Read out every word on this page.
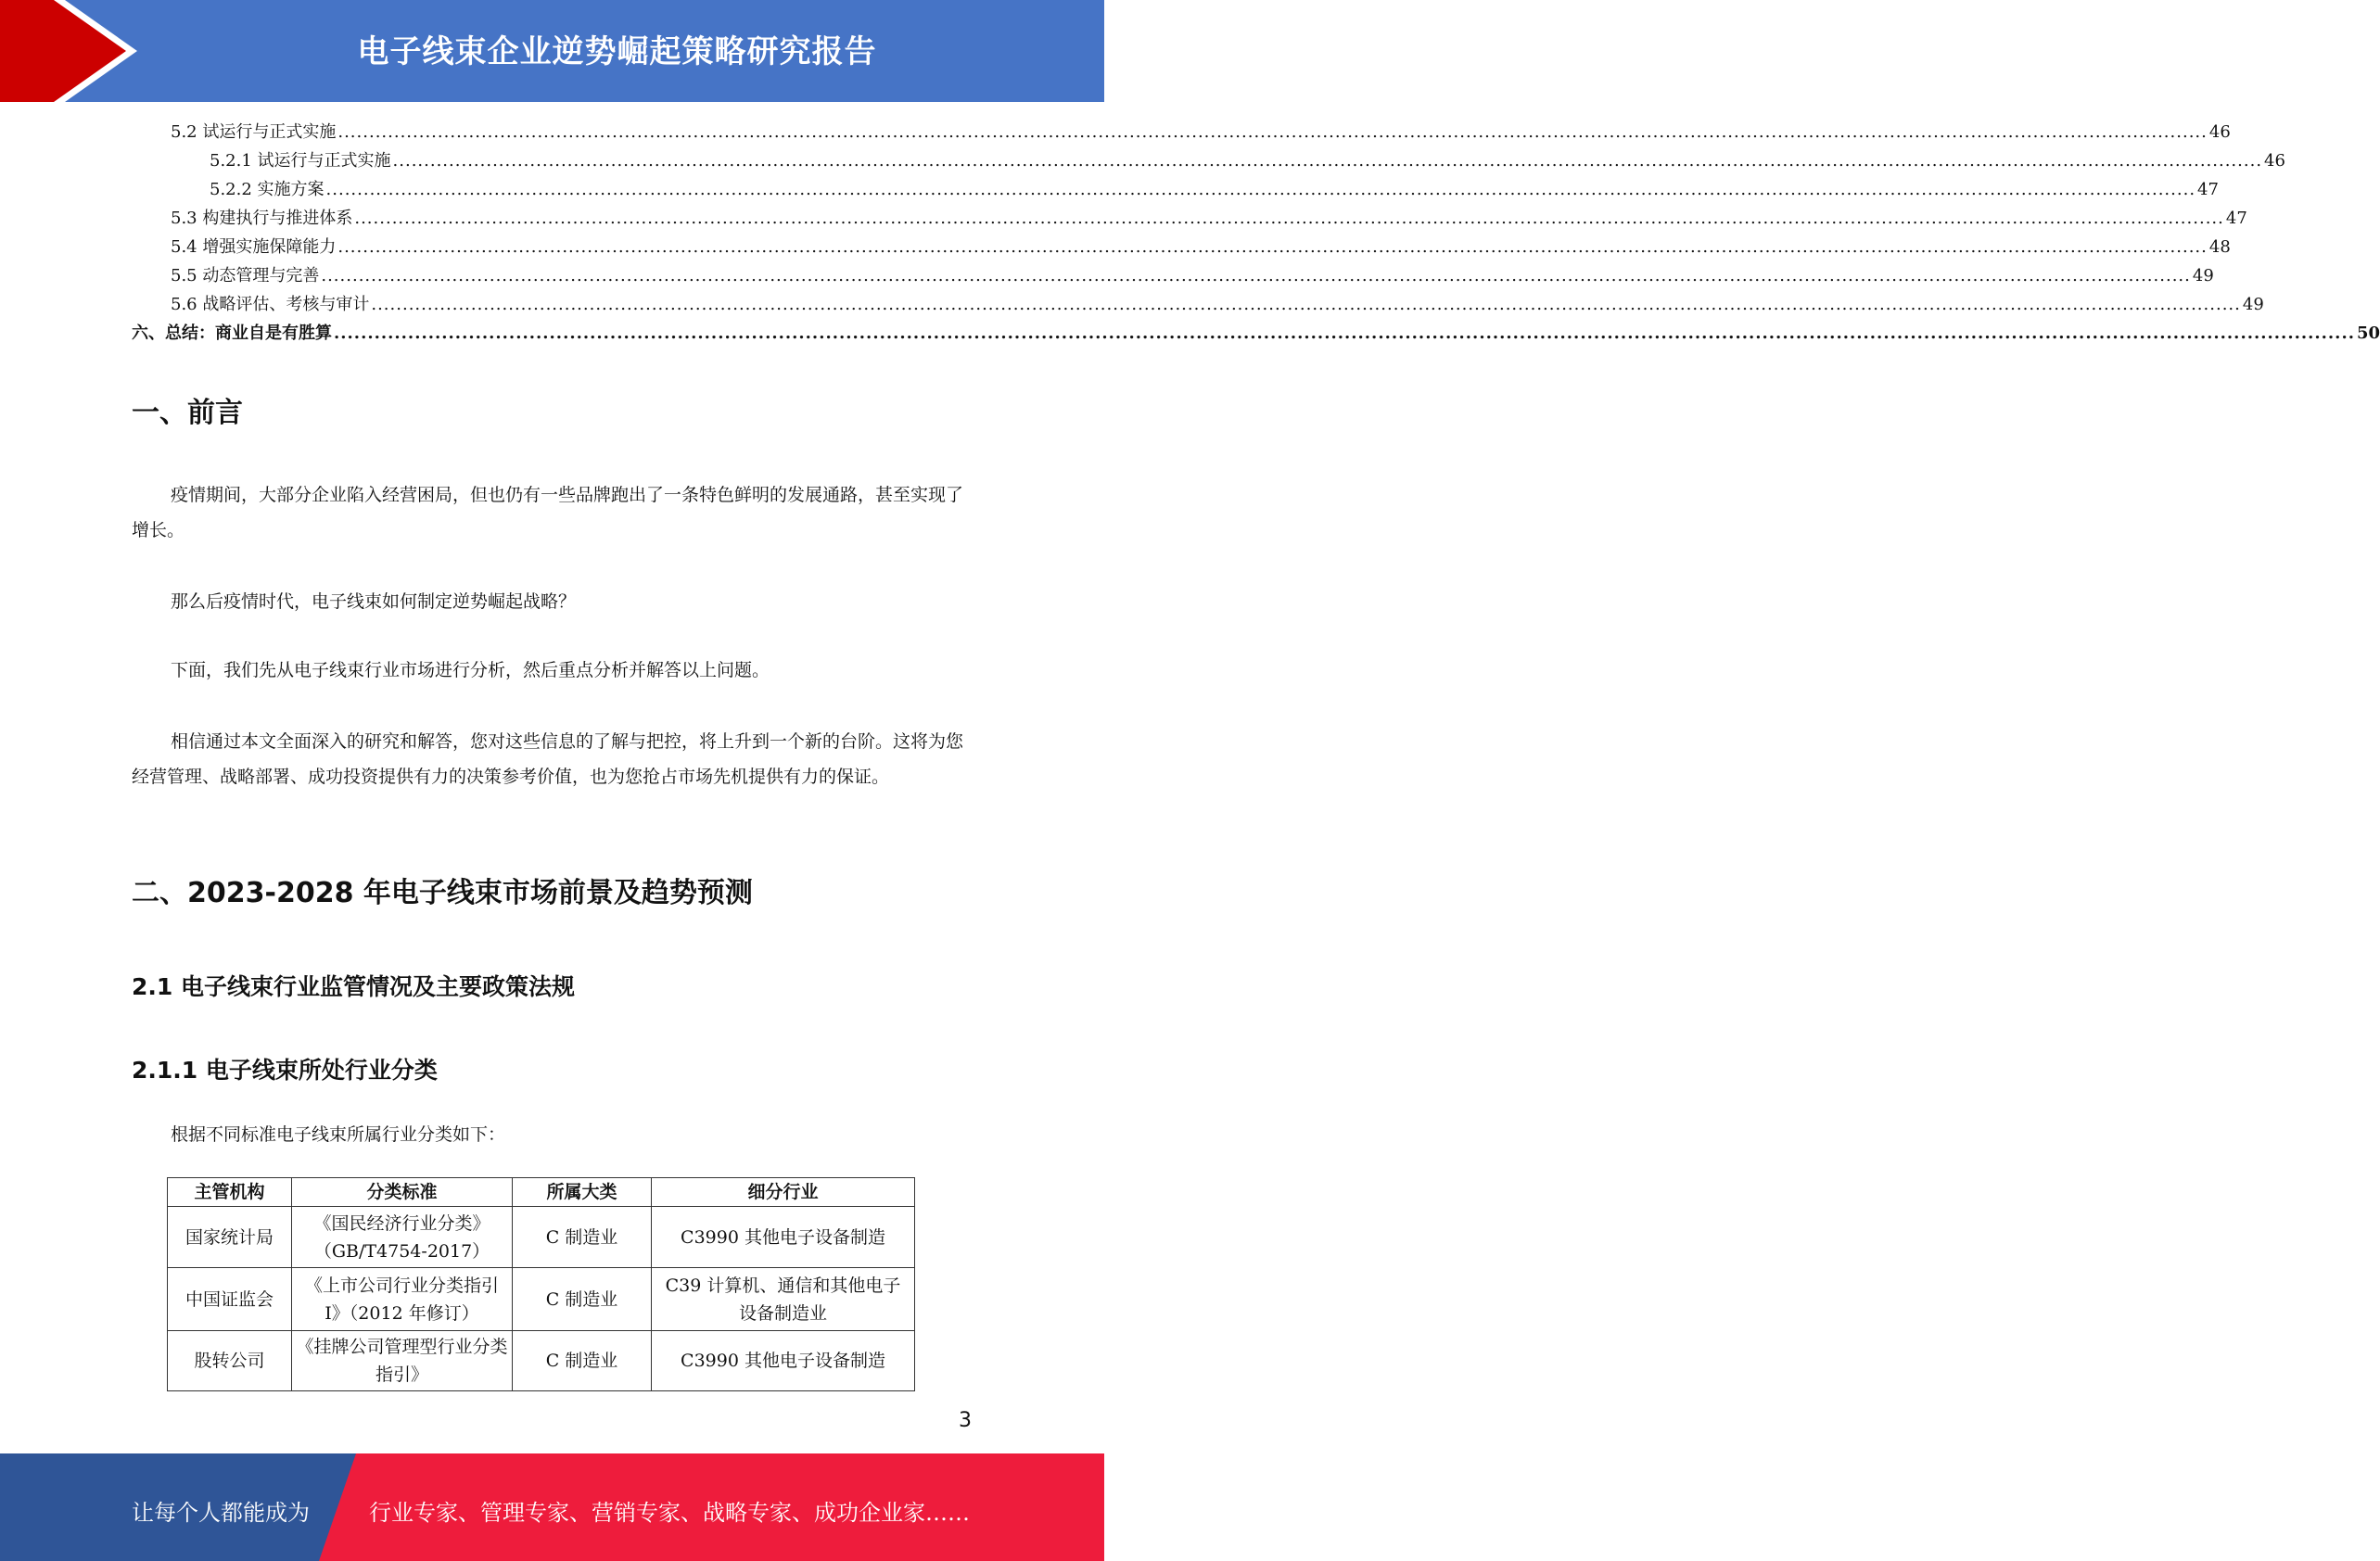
电子线束企业逆势崛起策略研究报告
5.2 试运行与正式实施 ............................................................................................................................................................................................................................................................................................................ 46
5.2.1 试运行与正式实施 ............................................................................................................................................................................................................................................................................................................ 46
5.2.2 实施方案 ............................................................................................................................................................................................................................................................................................................ 47
5.3 构建执行与推进体系 ............................................................................................................................................................................................................................................................................................................ 47
5.4 增强实施保障能力 ............................................................................................................................................................................................................................................................................................................ 48
5.5 动态管理与完善 ............................................................................................................................................................................................................................................................................................................ 49
5.6 战略评估、考核与审计 ............................................................................................................................................................................................................................................................................................................ 49
六、总结：商业自是有胜算 ............................................................................................................................................................................................................................................................................................................ 50
一、前言
疫情期间，大部分企业陷入经营困局，但也仍有一些品牌跑出了一条特色鲜明的发展通路，甚至实现了增长。
那么后疫情时代，电子线束如何制定逆势崛起战略？
下面，我们先从电子线束行业市场进行分析，然后重点分析并解答以上问题。
相信通过本文全面深入的研究和解答，您对这些信息的了解与把控，将上升到一个新的台阶。这将为您经营管理、战略部署、成功投资提供有力的决策参考价值，也为您抢占市场先机提供有力的保证。
二、2023-2028 年电子线束市场前景及趋势预测
2.1 电子线束行业监管情况及主要政策法规
2.1.1 电子线束所处行业分类
根据不同标准电子线束所属行业分类如下：
主管机构	分类标准	所属大类	细分行业
国家统计局	《国民经济行业分类》（GB/T4754-2017）	C 制造业	C3990 其他电子设备制造
中国证监会	《上市公司行业分类指引 I》（2012 年修订）	C 制造业	C39 计算机、通信和其他电子 设备制造业
股转公司	《挂牌公司管理型行业分类指引》	C 制造业	C3990 其他电子设备制造
3
让每个人都能成为	行业专家、管理专家、营销专家、战略专家、成功企业家……
